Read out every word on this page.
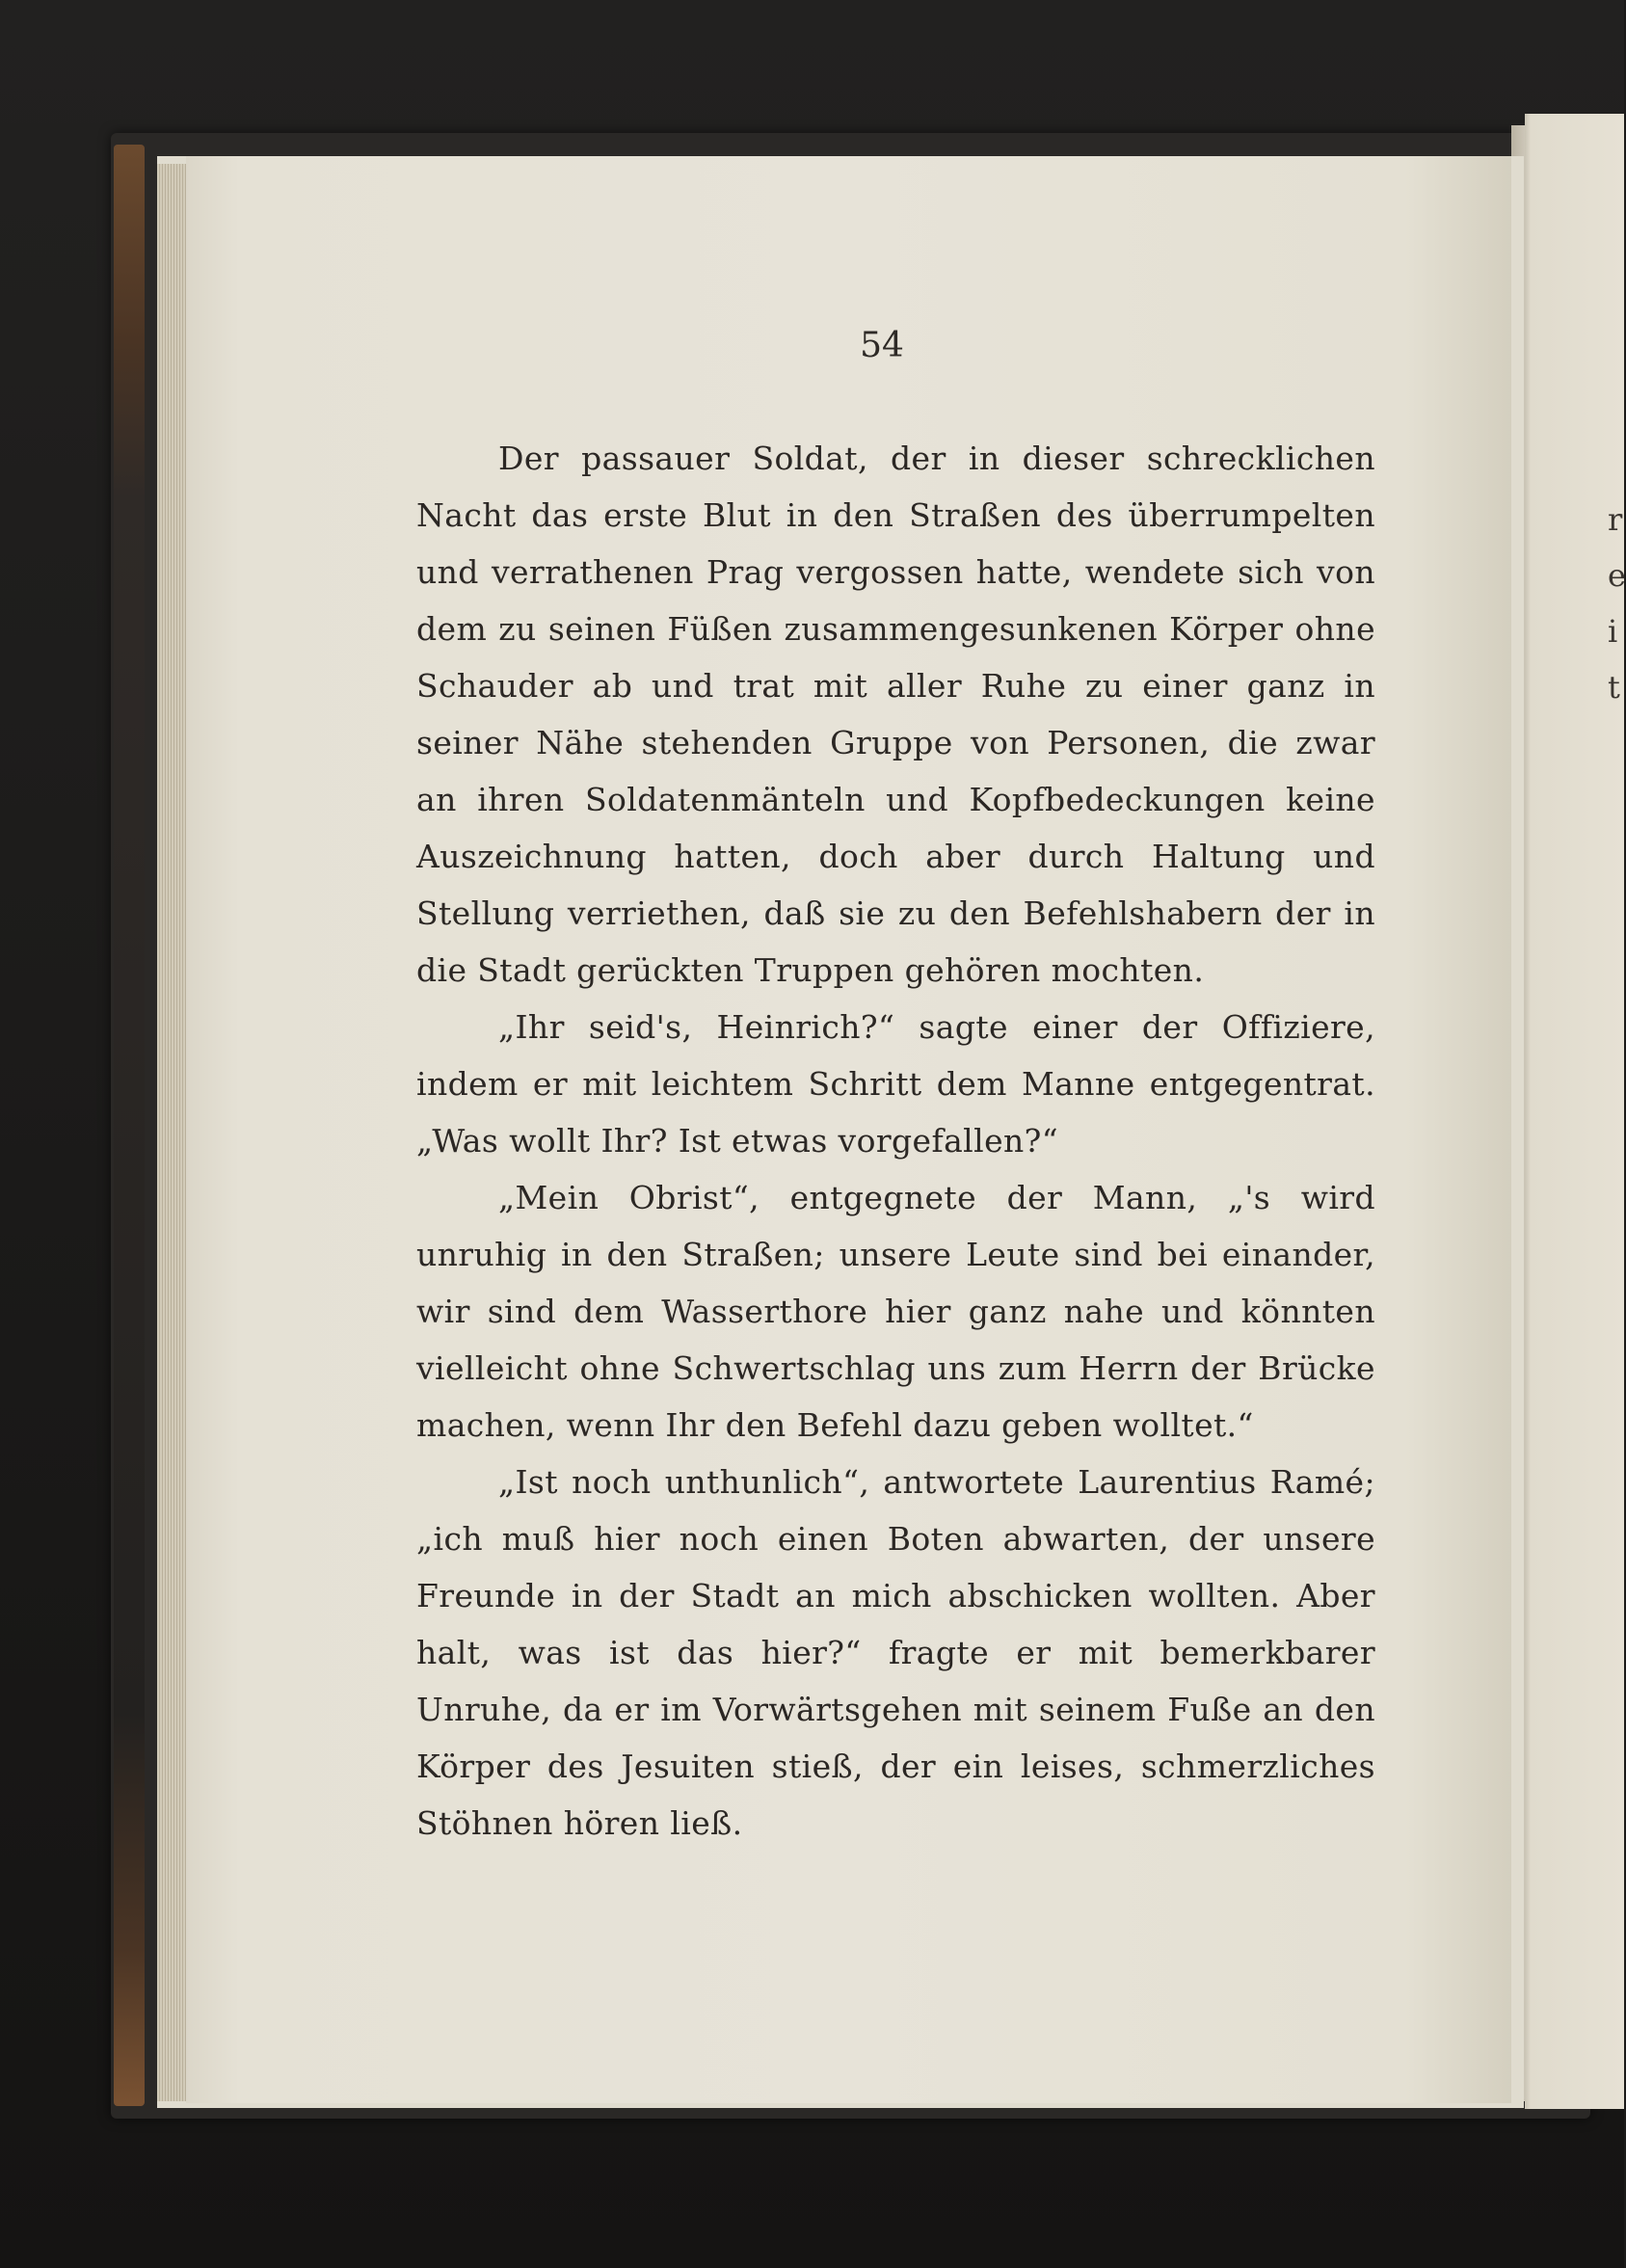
r
e
i
t
54

Der passauer Soldat, der in dieser schrecklichen Nacht das erste Blut in den Straßen des überrumpelten und verrathenen Prag vergossen hatte, wendete sich von dem zu seinen Füßen zusammengesunkenen Körper ohne Schauder ab und trat mit aller Ruhe zu einer ganz in seiner Nähe stehenden Gruppe von Personen, die zwar an ihren Soldatenmänteln und Kopfbedeckungen keine Auszeichnung hatten, doch aber durch Haltung und Stellung verriethen, daß sie zu den Befehlshabern der in die Stadt gerückten Truppen gehören mochten.

„Ihr seid's, Heinrich?“ sagte einer der Offiziere, indem er mit leichtem Schritt dem Manne entgegentrat. „Was wollt Ihr? Ist etwas vorgefallen?“

„Mein Obrist“, entgegnete der Mann, „'s wird unruhig in den Straßen; unsere Leute sind bei einander, wir sind dem Wasserthore hier ganz nahe und könnten vielleicht ohne Schwertschlag uns zum Herrn der Brücke machen, wenn Ihr den Befehl dazu geben wolltet.“

„Ist noch unthunlich“, antwortete Laurentius Ramé; „ich muß hier noch einen Boten abwarten, der unsere Freunde in der Stadt an mich abschicken wollten. Aber halt, was ist das hier?“ fragte er mit bemerkbarer Unruhe, da er im Vorwärtsgehen mit seinem Fuße an den Körper des Jesuiten stieß, der ein leises, schmerzliches Stöhnen hören ließ.
